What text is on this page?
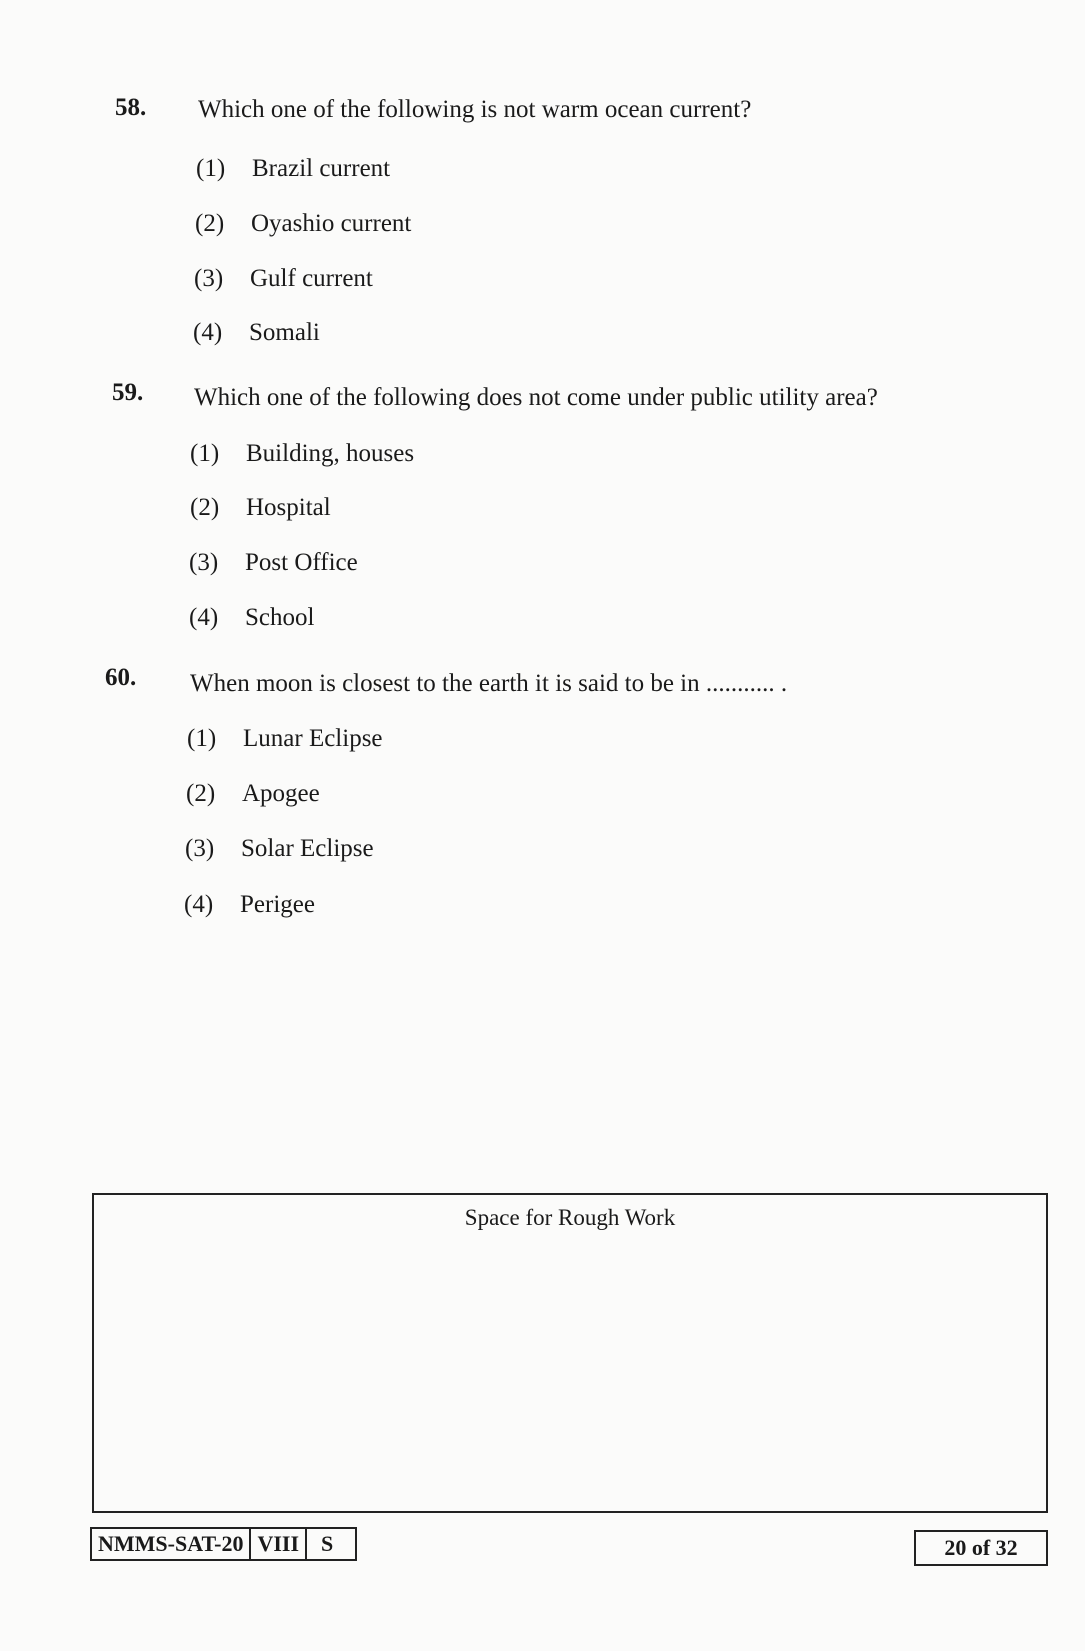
58. Which one of the following is not warm ocean current?
(1) Brazil current
(2) Oyashio current
(3) Gulf current
(4) Somali
59. Which one of the following does not come under public utility area?
(1) Building, houses
(2) Hospital
(3) Post Office
(4) School
60. When moon is closest to the earth it is said to be in ........... .
(1) Lunar Eclipse
(2) Apogee
(3) Solar Eclipse
(4) Perigee
Space for Rough Work
NMMS-SAT-20 VIII	S	20 of 32
